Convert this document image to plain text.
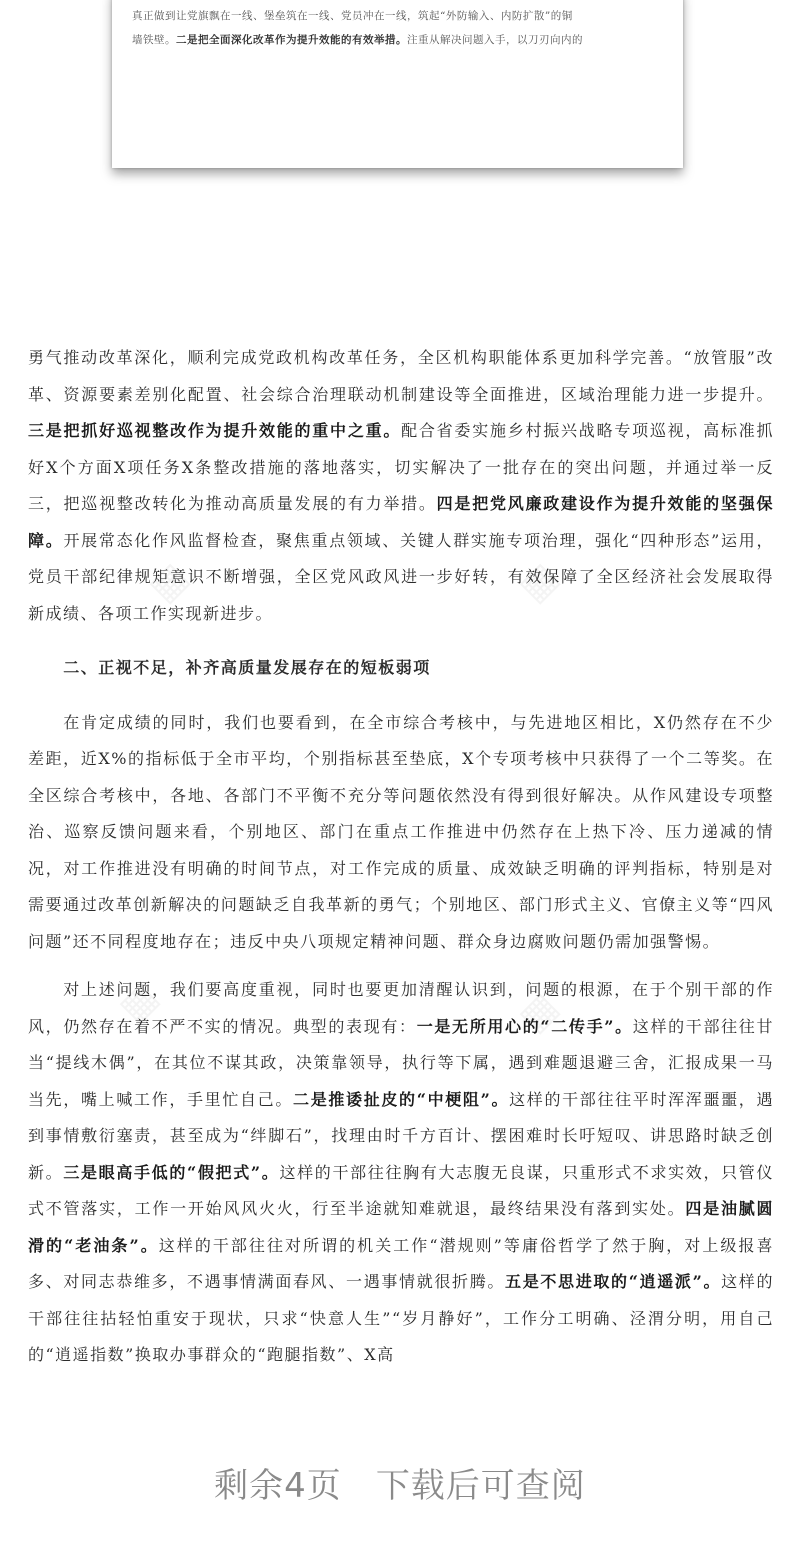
真正做到让党旗飘在一线、堡垒筑在一线、党员冲在一线，筑起“外防输入、内防扩散”的铜
墙铁壁。二是把全面深化改革作为提升效能的有效举措。注重从解决问题入手，以刀刃向内的

勇气推动改革深化，顺利完成党政机构改革任务，全区机构职能体系更加科学完善。“放管服”改革、资源要素差别化配置、社会综合治理联动机制建设等全面推进，区域治理能力进一步提升。三是把抓好巡视整改作为提升效能的重中之重。配合省委实施乡村振兴战略专项巡视，高标准抓好X个方面X项任务X条整改措施的落地落实，切实解决了一批存在的突出问题，并通过举一反三，把巡视整改转化为推动高质量发展的有力举措。四是把党风廉政建设作为提升效能的坚强保障。开展常态化作风监督检查，聚焦重点领域、关键人群实施专项治理，强化“四种形态”运用，党员干部纪律规矩意识不断增强，全区党风政风进一步好转，有效保障了全区经济社会发展取得新成绩、各项工作实现新进步。

二、正视不足，补齐高质量发展存在的短板弱项

在肯定成绩的同时，我们也要看到，在全市综合考核中，与先进地区相比，X仍然存在不少差距，近X%的指标低于全市平均，个别指标甚至垫底，X个专项考核中只获得了一个二等奖。在全区综合考核中，各地、各部门不平衡不充分等问题依然没有得到很好解决。从作风建设专项整治、巡察反馈问题来看，个别地区、部门在重点工作推进中仍然存在上热下冷、压力递减的情况，对工作推进没有明确的时间节点，对工作完成的质量、成效缺乏明确的评判指标，特别是对需要通过改革创新解决的问题缺乏自我革新的勇气；个别地区、部门形式主义、官僚主义等“四风问题”还不同程度地存在；违反中央八项规定精神问题、群众身边腐败问题仍需加强警惕。

对上述问题，我们要高度重视，同时也要更加清醒认识到，问题的根源，在于个别干部的作风，仍然存在着不严不实的情况。典型的表现有：一是无所用心的“二传手”。这样的干部往往甘当“提线木偶”，在其位不谋其政，决策靠领导，执行等下属，遇到难题退避三舍，汇报成果一马当先，嘴上喊工作，手里忙自己。二是推诿扯皮的“中梗阻”。这样的干部往往平时浑浑噩噩，遇到事情敷衍塞责，甚至成为“绊脚石”，找理由时千方百计、摆困难时长吁短叹、讲思路时缺乏创新。三是眼高手低的“假把式”。这样的干部往往胸有大志腹无良谋，只重形式不求实效，只管仪式不管落实，工作一开始风风火火，行至半途就知难就退，最终结果没有落到实处。四是油腻圆滑的“老油条”。这样的干部往往对所谓的机关工作“潜规则”等庸俗哲学了然于胸，对上级报喜多、对同志恭维多，不遇事情满面春风、一遇事情就很折腾。五是不思进取的“逍遥派”。这样的干部往往拈轻怕重安于现状，只求“快意人生”“岁月静好”，工作分工明确、泾渭分明，用自己的“逍遥指数”换取办事群众的“跑腿指数”、X高

剩余4页 下载后可查阅
